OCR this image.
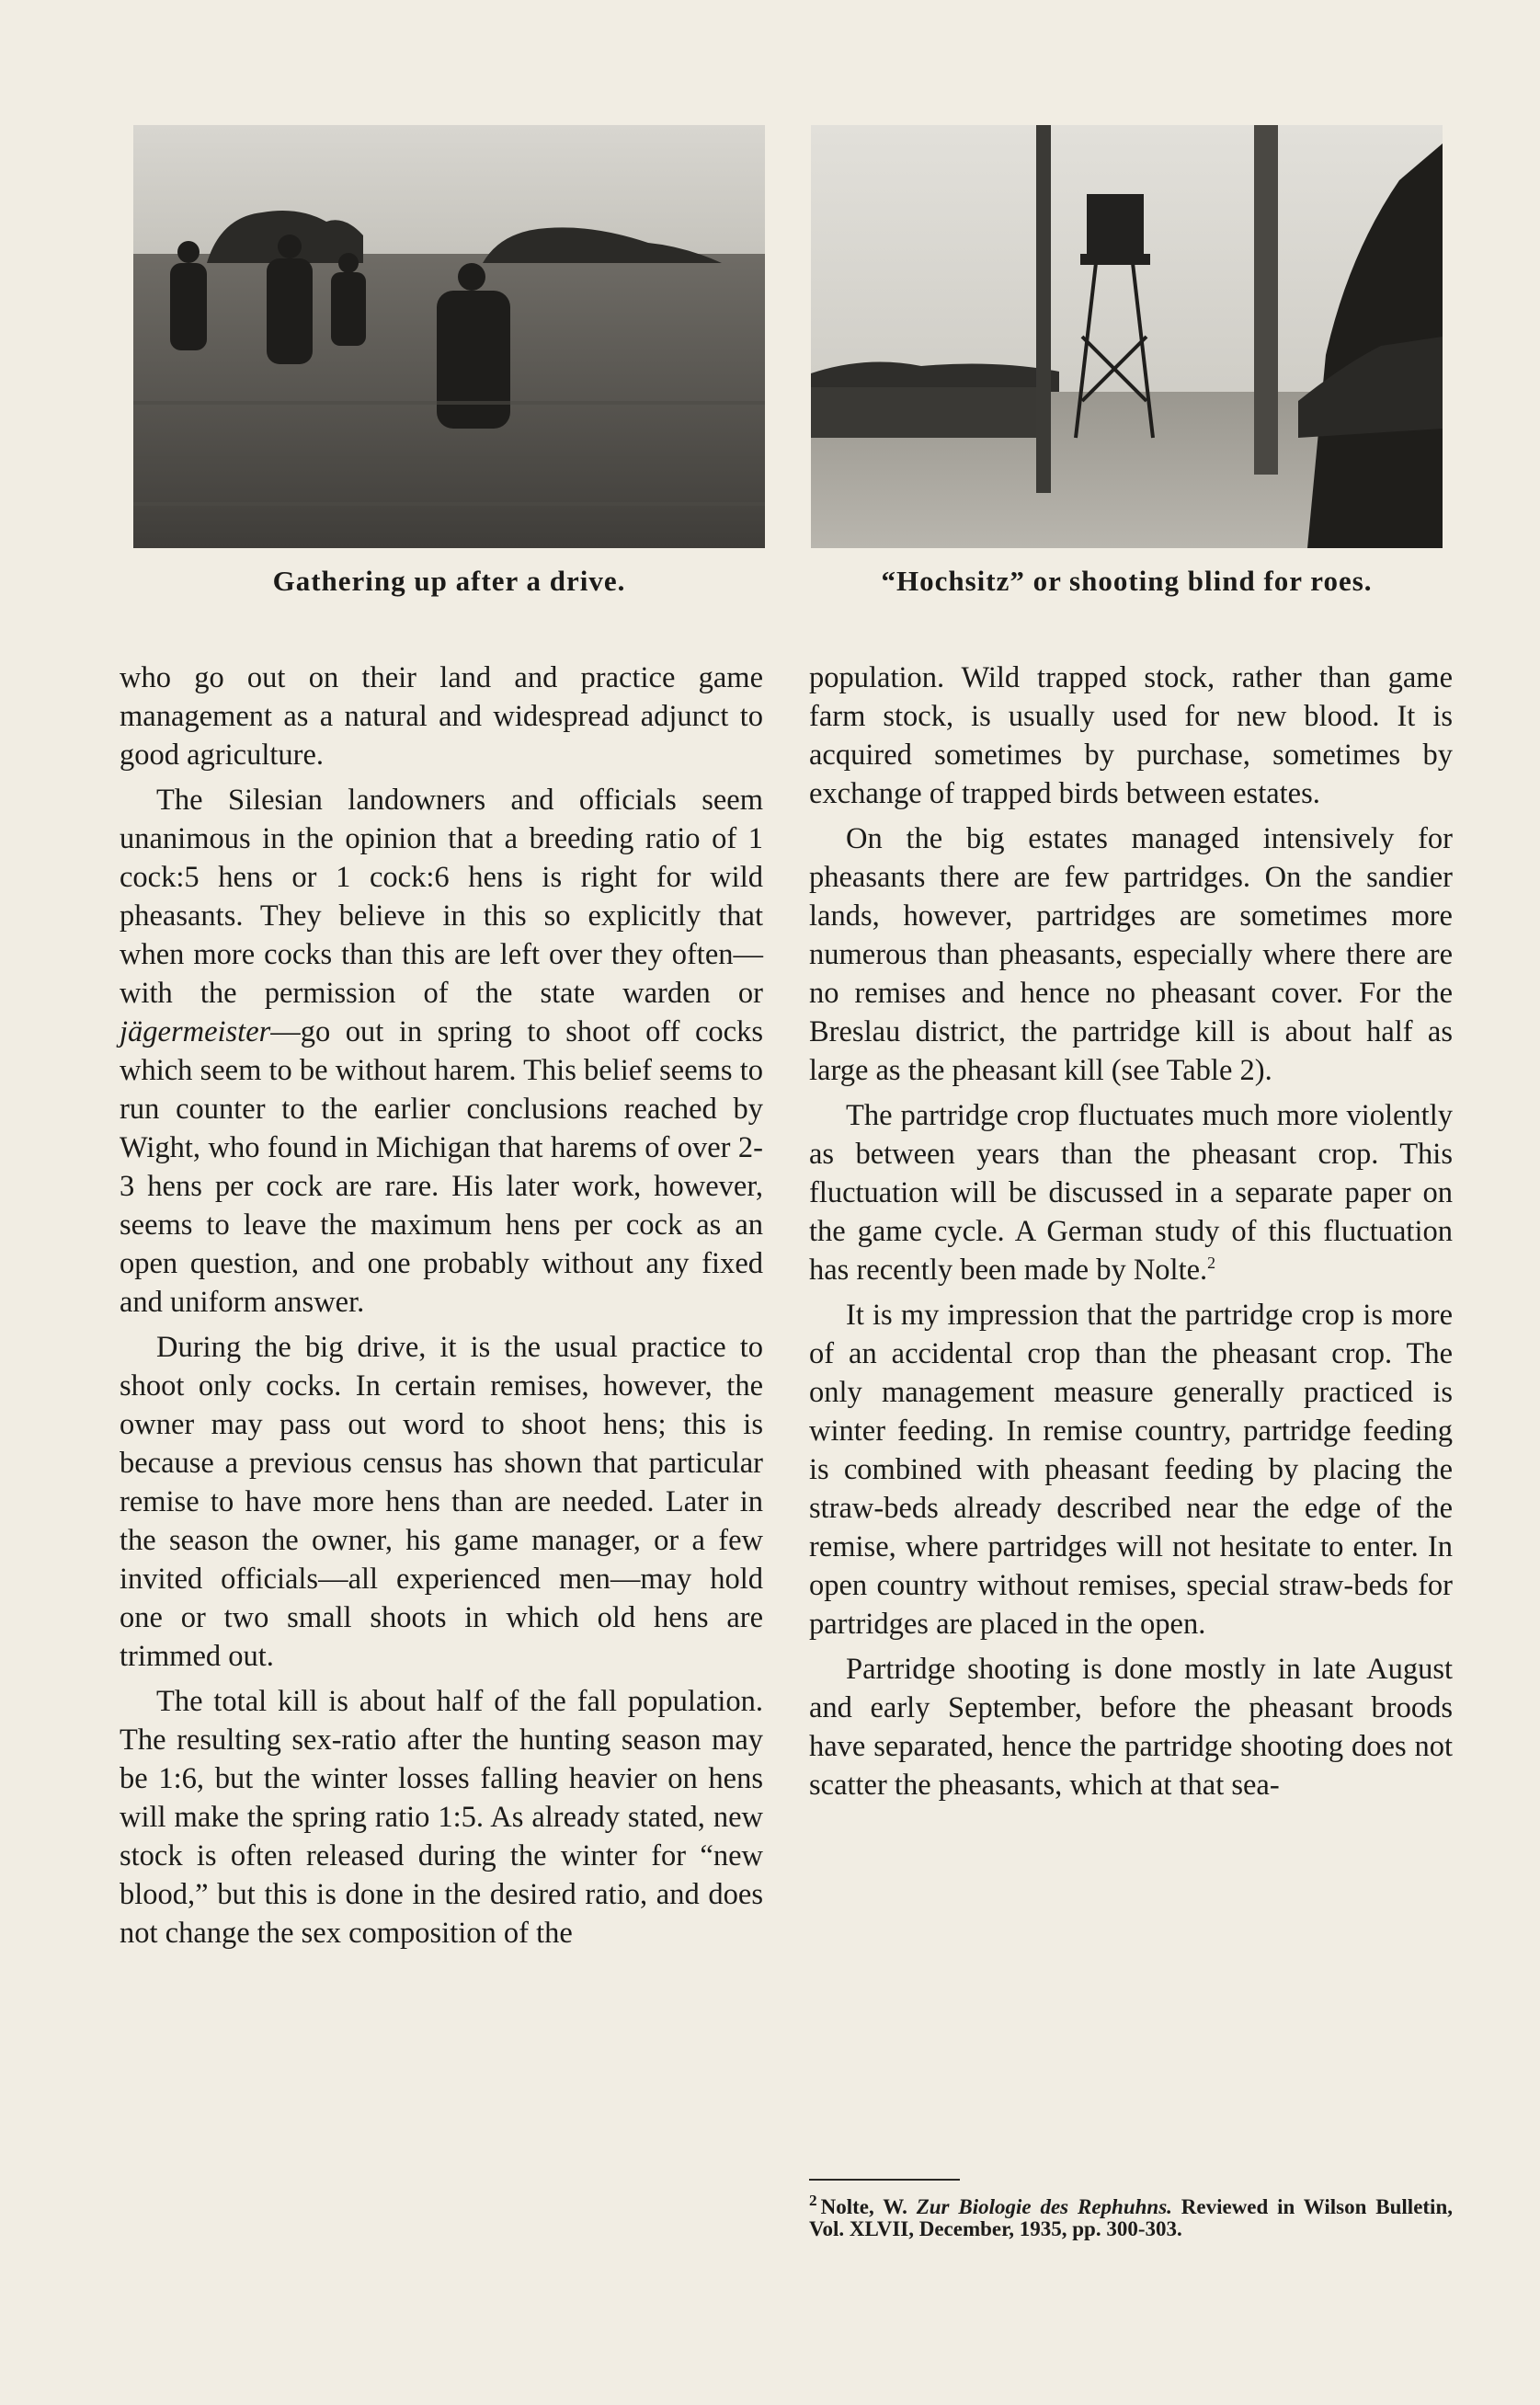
Gathering up after a drive.	“Hochsitz” or shooting blind for roes.

who go out on their land and practice game management as a natural and widespread adjunct to good agriculture.

The Silesian landowners and officials seem unanimous in the opinion that a breeding ratio of 1 cock:5 hens or 1 cock:6 hens is right for wild pheasants. They believe in this so explicitly that when more cocks than this are left over they often—with the permission of the state warden or jägermeister—go out in spring to shoot off cocks which seem to be without harem. This belief seems to run counter to the earlier conclusions reached by Wight, who found in Michigan that harems of over 2-3 hens per cock are rare. His later work, however, seems to leave the maximum hens per cock as an open question, and one probably without any fixed and uniform answer.

During the big drive, it is the usual practice to shoot only cocks. In certain remises, however, the owner may pass out word to shoot hens; this is because a previous census has shown that particular remise to have more hens than are needed. Later in the season the owner, his game manager, or a few invited officials—all experienced men—may hold one or two small shoots in which old hens are trimmed out.

The total kill is about half of the fall population. The resulting sex-ratio after the hunting season may be 1:6, but the winter losses falling heavier on hens will make the spring ratio 1:5. As already stated, new stock is often released during the winter for “new blood,” but this is done in the desired ratio, and does not change the sex composition of the

population. Wild trapped stock, rather than game farm stock, is usually used for new blood. It is acquired sometimes by purchase, sometimes by exchange of trapped birds between estates.

On the big estates managed intensively for pheasants there are few partridges. On the sandier lands, however, partridges are sometimes more numerous than pheasants, especially where there are no remises and hence no pheasant cover. For the Breslau district, the partridge kill is about half as large as the pheasant kill (see Table 2).

The partridge crop fluctuates much more violently as between years than the pheasant crop. This fluctuation will be discussed in a separate paper on the game cycle. A German study of this fluctuation has recently been made by Nolte.$^2$

It is my impression that the partridge crop is more of an accidental crop than the pheasant crop. The only management measure generally practiced is winter feeding. In remise country, partridge feeding is combined with pheasant feeding by placing the straw-beds already described near the edge of the remise, where partridges will not hesitate to enter. In open country without remises, special straw-beds for partridges are placed in the open.

Partridge shooting is done mostly in late August and early September, before the pheasant broods have separated, hence the partridge shooting does not scatter the pheasants, which at that sea-

$^2$ Nolte, W. Zur Biologie des Rephuhns. Reviewed in Wilson Bulletin, Vol. XLVII, December, 1935, pp. 300-303.
